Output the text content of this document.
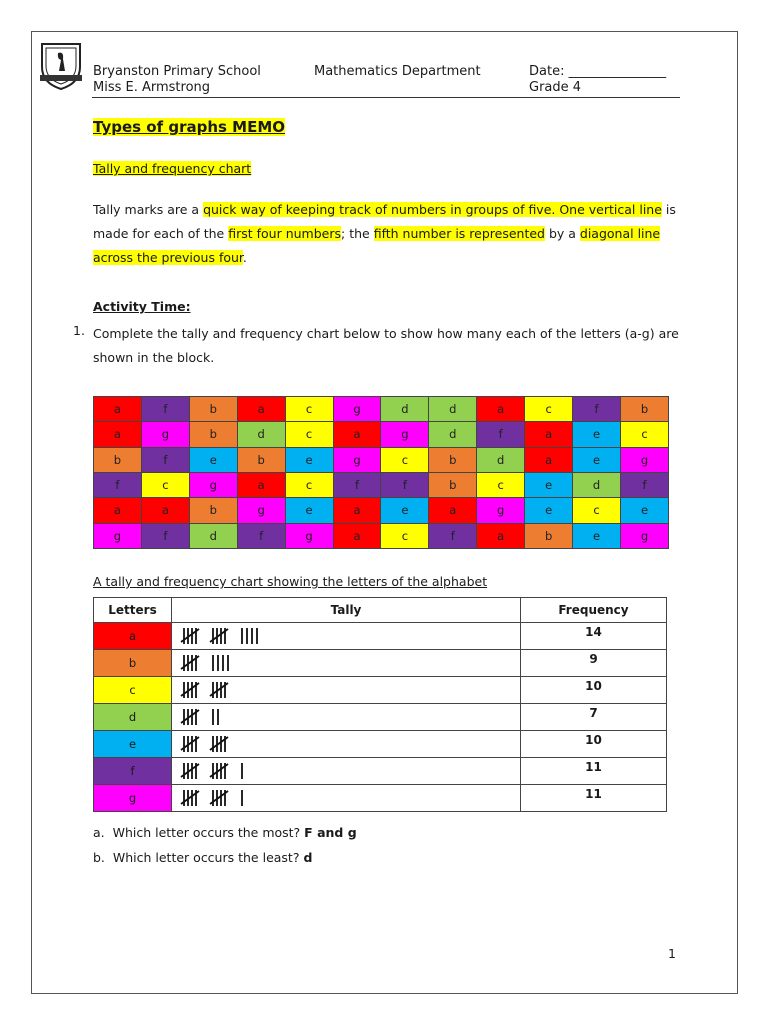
Bryanston Primary School
Miss E. Armstrong
Mathematics Department	Date: _______________
Grade 4
Types of graphs MEMO
Tally and frequency chart
Tally marks are a quick way of keeping track of numbers in groups of five. One vertical line is made for each of the first four numbers; the fifth number is represented by a diagonal line across the previous four.
Activity Time:
1. Complete the tally and frequency chart below to show how many each of the letters (a-g) are shown in the block.
a	f	b	a	c	g	d	d	a	c	f	b
a	g	b	d	c	a	g	d	f	a	e	c
b	f	e	b	e	g	c	b	d	a	e	g
f	c	g	a	c	f	f	b	c	e	d	f
a	a	b	g	e	a	e	a	g	e	c	e
g	f	d	f	g	a	c	f	a	b	e	g
A tally and frequency chart showing the letters of the alphabet
Letters	Tally	Frequency
a		14
b		9
c		10
d		7
e		10
f		11
g		11
a. Which letter occurs the most? F and g
b. Which letter occurs the least? d
1
